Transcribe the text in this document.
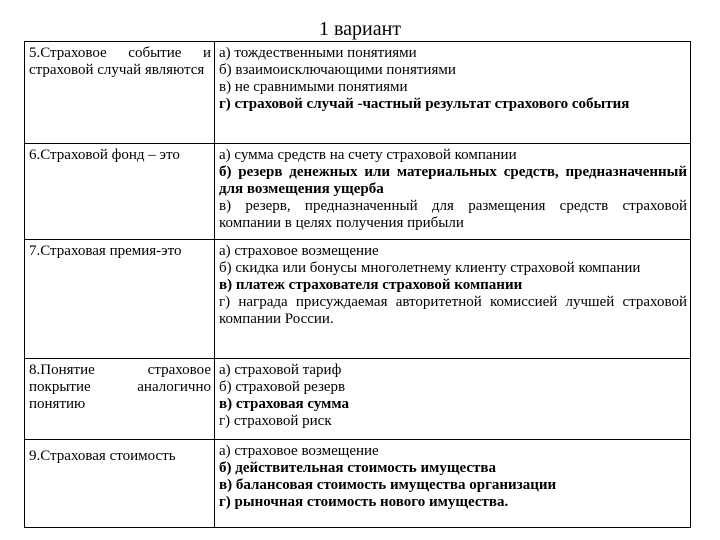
1 вариант
5.Страховое событие и страховой случай являются	а) тождественными понятиями
б) взаимоисключающими понятиями
в) не сравнимыми понятиями
г) страховой случай -частный результат страхового события

6.Страховой фонд – это	а) сумма средств на счету страховой компании
б) резерв денежных или материальных средств, предназначенный для возмещения ущерба
в) резерв, предназначенный для размещения средств страховой компании в целях получения прибыли

7.Страховая премия-это	а) страховое возмещение
б) скидка или бонусы многолетнему клиенту страховой компании
в) платеж страхователя страховой компании
г) награда присуждаемая авторитетной комиссией лучшей страховой компании России.

8.Понятие страховое покрытие аналогично понятию	а) страховой тариф
б) страховой резерв
в) страховая сумма
г) страховой риск

9.Страховая стоимость	а) страховое возмещение
б) действительная стоимость имущества
в) балансовая стоимость имущества организации
г) рыночная стоимость нового имущества.
